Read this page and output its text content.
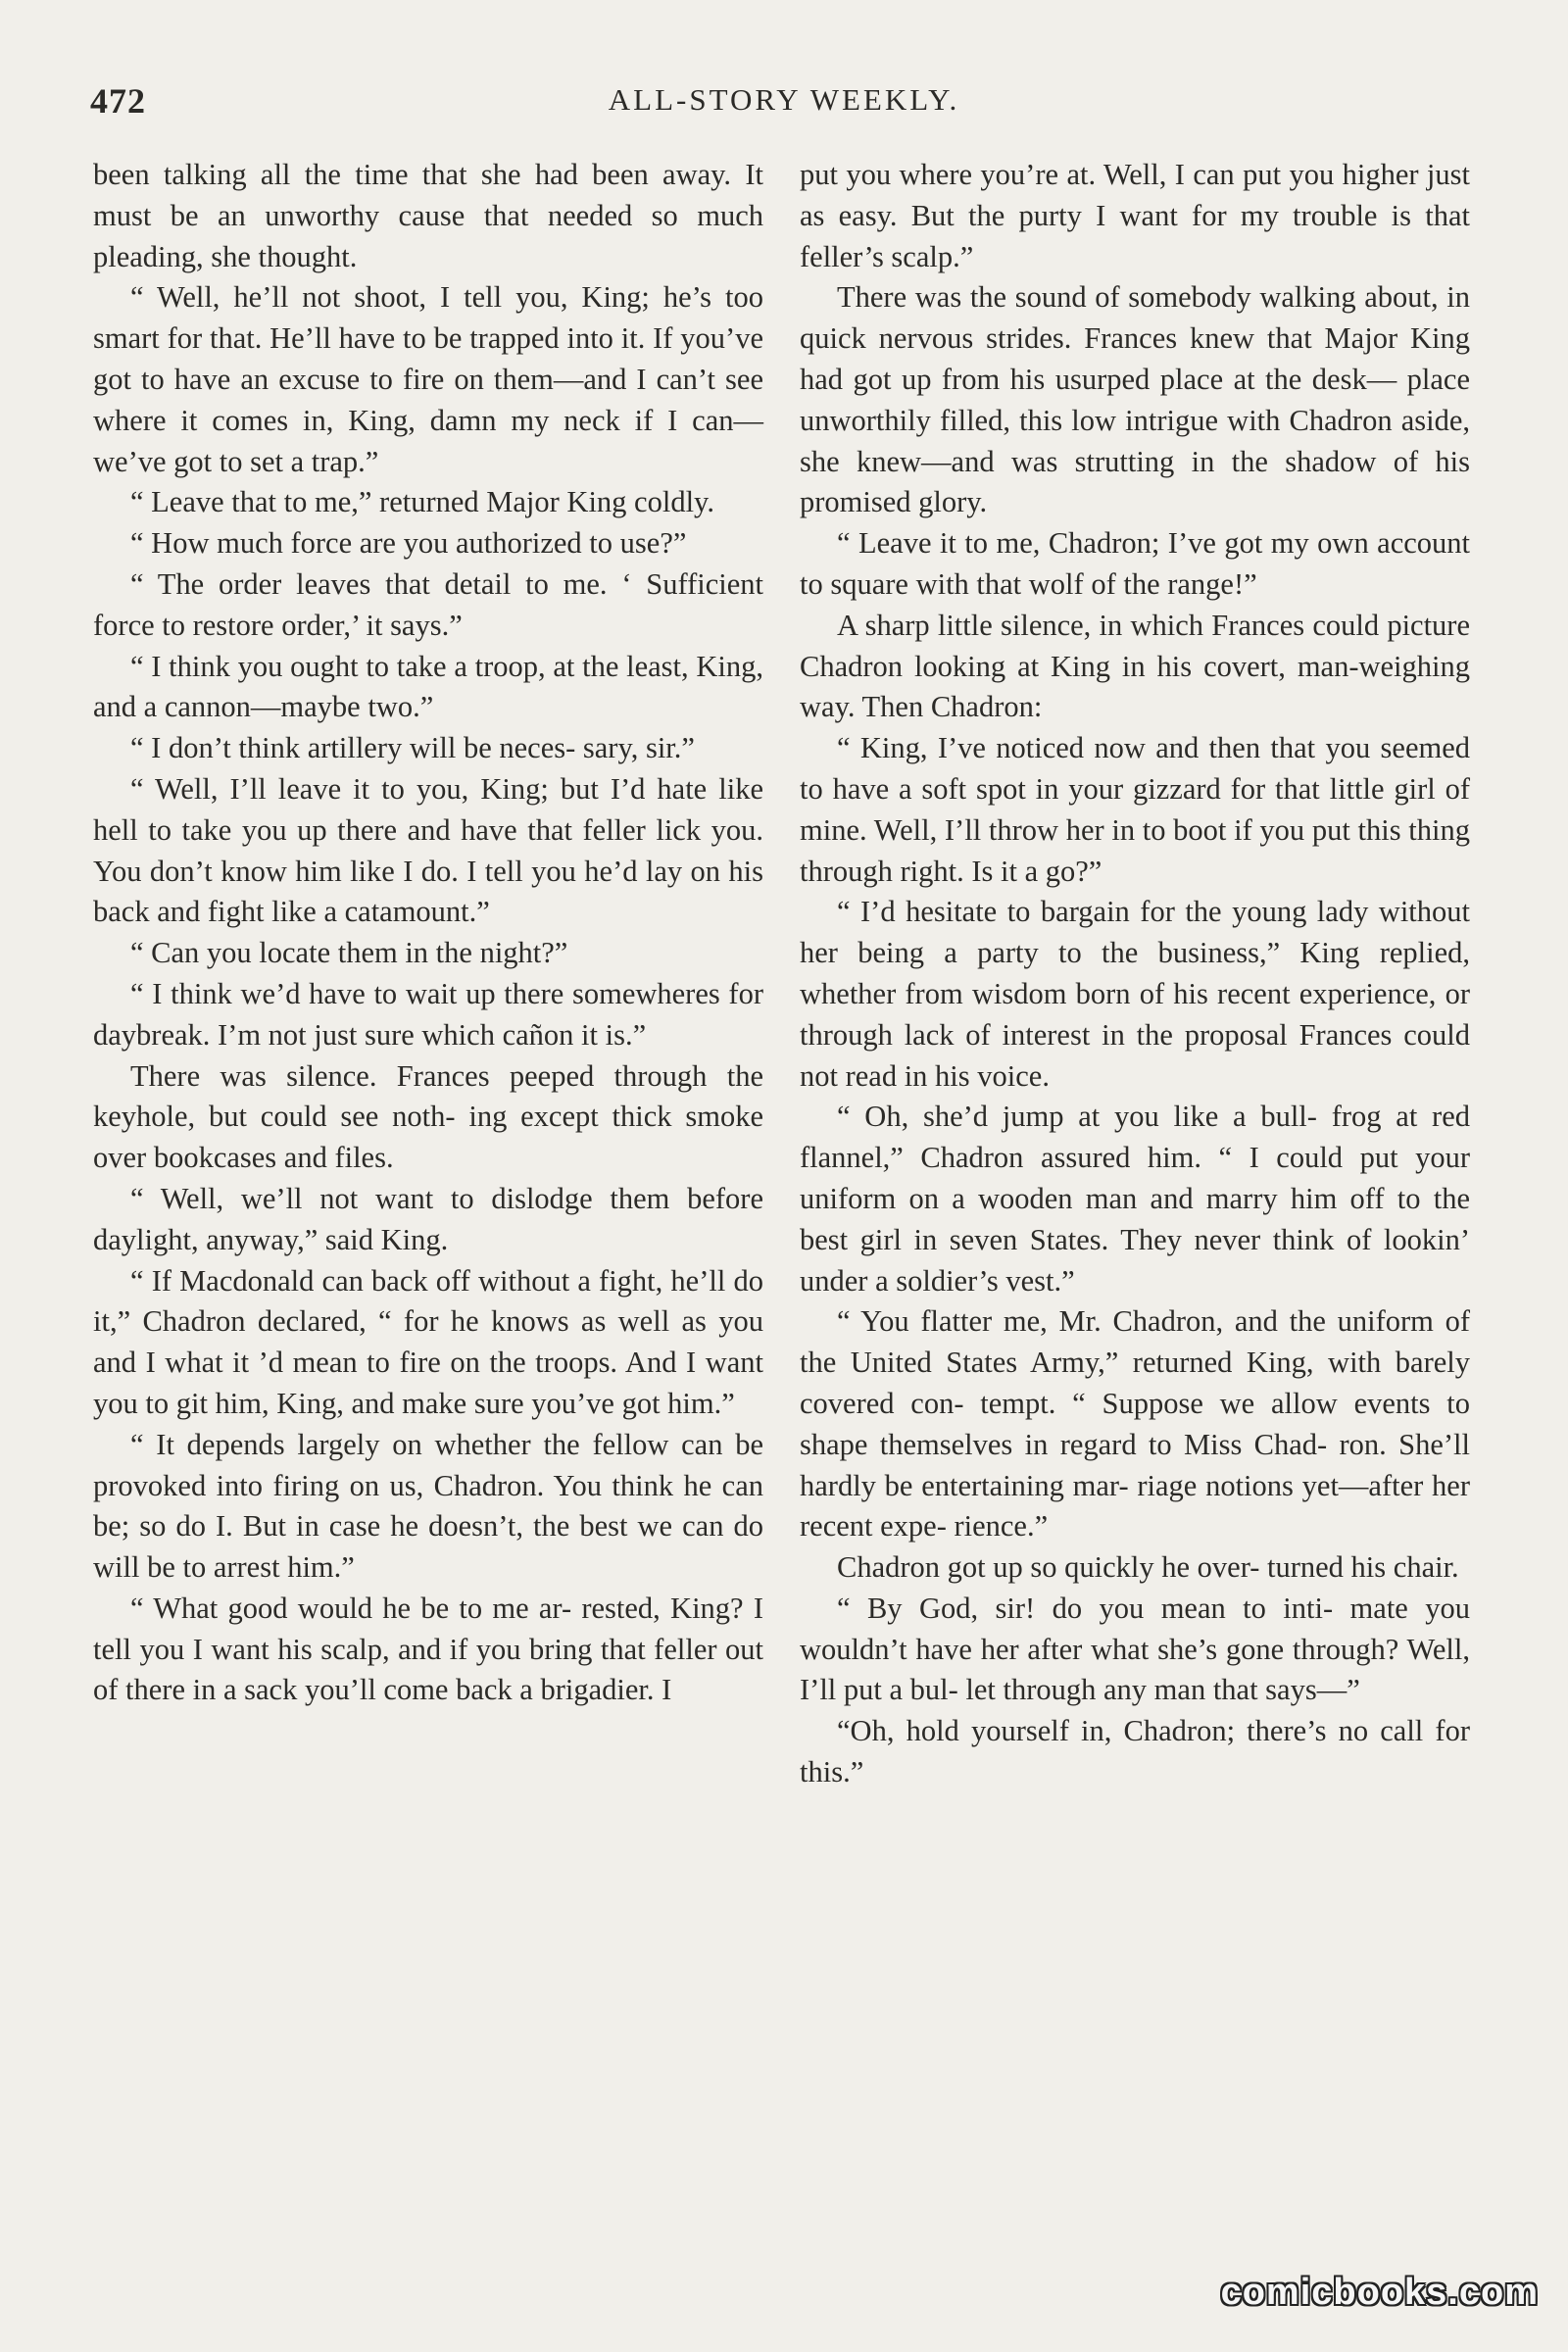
472	ALL-STORY WEEKLY.

been talking all the time that she had been away. It must be an unworthy cause that needed so much pleading, she thought.

“ Well, he’ll not shoot, I tell you, King; he’s too smart for that. He’ll have to be trapped into it. If you’ve got to have an excuse to fire on them—and I can’t see where it comes in, King, damn my neck if I can—we’ve got to set a trap.”

“ Leave that to me,” returned Major King coldly.

“ How much force are you authorized to use?”

“ The order leaves that detail to me. ‘ Sufficient force to restore order,’ it says.”

“ I think you ought to take a troop, at the least, King, and a cannon—maybe two.”

“ I don’t think artillery will be neces- sary, sir.”

“ Well, I’ll leave it to you, King; but I’d hate like hell to take you up there and have that feller lick you. You don’t know him like I do. I tell you he’d lay on his back and fight like a catamount.”

“ Can you locate them in the night?”

“ I think we’d have to wait up there somewheres for daybreak. I’m not just sure which cañon it is.”

There was silence. Frances peeped through the keyhole, but could see noth- ing except thick smoke over bookcases and files.

“ Well, we’ll not want to dislodge them before daylight, anyway,” said King.

“ If Macdonald can back off without a fight, he’ll do it,” Chadron declared, “ for he knows as well as you and I what it ’d mean to fire on the troops. And I want you to git him, King, and make sure you’ve got him.”

“ It depends largely on whether the fellow can be provoked into firing on us, Chadron. You think he can be; so do I. But in case he doesn’t, the best we can do will be to arrest him.”

“ What good would he be to me ar- rested, King? I tell you I want his scalp, and if you bring that feller out of there in a sack you’ll come back a brigadier. I

put you where you’re at. Well, I can put you higher just as easy. But the purty I want for my trouble is that feller’s scalp.”

There was the sound of somebody walking about, in quick nervous strides. Frances knew that Major King had got up from his usurped place at the desk— place unworthily filled, this low intrigue with Chadron aside, she knew—and was strutting in the shadow of his promised glory.

“ Leave it to me, Chadron; I’ve got my own account to square with that wolf of the range!”

A sharp little silence, in which Frances could picture Chadron looking at King in his covert, man-weighing way. Then Chadron:

“ King, I’ve noticed now and then that you seemed to have a soft spot in your gizzard for that little girl of mine. Well, I’ll throw her in to boot if you put this thing through right. Is it a go?”

“ I’d hesitate to bargain for the young lady without her being a party to the business,” King replied, whether from wisdom born of his recent experience, or through lack of interest in the proposal Frances could not read in his voice.

“ Oh, she’d jump at you like a bull- frog at red flannel,” Chadron assured him. “ I could put your uniform on a wooden man and marry him off to the best girl in seven States. They never think of lookin’ under a soldier’s vest.”

“ You flatter me, Mr. Chadron, and the uniform of the United States Army,” returned King, with barely covered con- tempt. “ Suppose we allow events to shape themselves in regard to Miss Chad- ron. She’ll hardly be entertaining mar- riage notions yet—after her recent expe- rience.”

Chadron got up so quickly he over- turned his chair.

“ By God, sir! do you mean to inti- mate you wouldn’t have her after what she’s gone through? Well, I’ll put a bul- let through any man that says—”

“Oh, hold yourself in, Chadron; there’s no call for this.”

comicbooks.com
